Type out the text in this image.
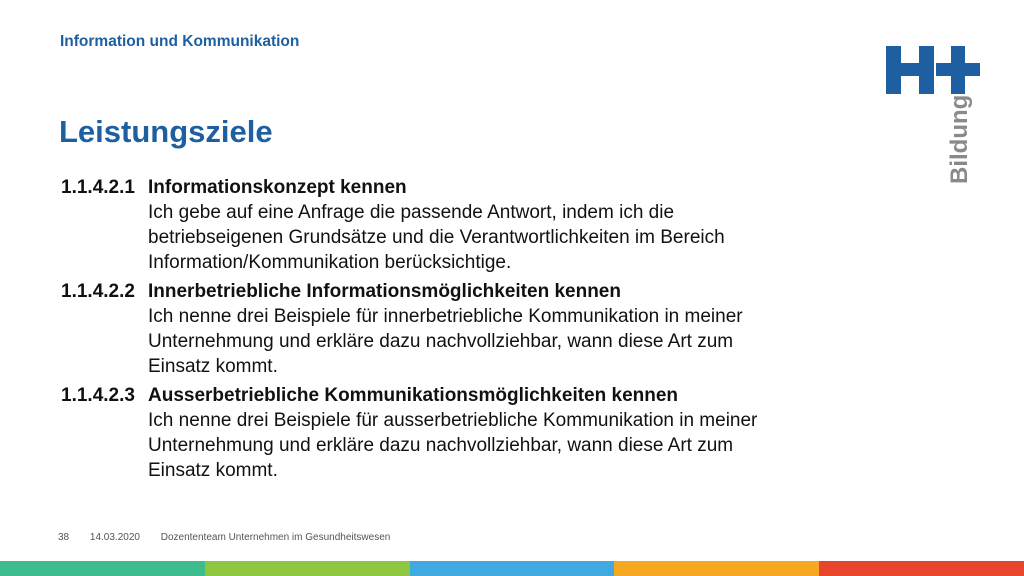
Information und Kommunikation
Leistungsziele	Bildung
1.1.4.2.1 Informationskonzept kennen
Ich gebe auf eine Anfrage die passende Antwort, indem ich die
betriebseigenen Grundsätze und die Verantwortlichkeiten im Bereich
Information/Kommunikation berücksichtige.
1.1.4.2.2 Innerbetriebliche Informationsmöglichkeiten kennen
Ich nenne drei Beispiele für innerbetriebliche Kommunikation in meiner
Unternehmung und erkläre dazu nachvollziehbar, wann diese Art zum
Einsatz kommt.
1.1.4.2.3 Ausserbetriebliche Kommunikationsmöglichkeiten kennen
Ich nenne drei Beispiele für ausserbetriebliche Kommunikation in meiner
Unternehmung und erkläre dazu nachvollziehbar, wann diese Art zum
Einsatz kommt.
38 14.03.2020 Dozententeam Unternehmen im Gesundheitswesen
